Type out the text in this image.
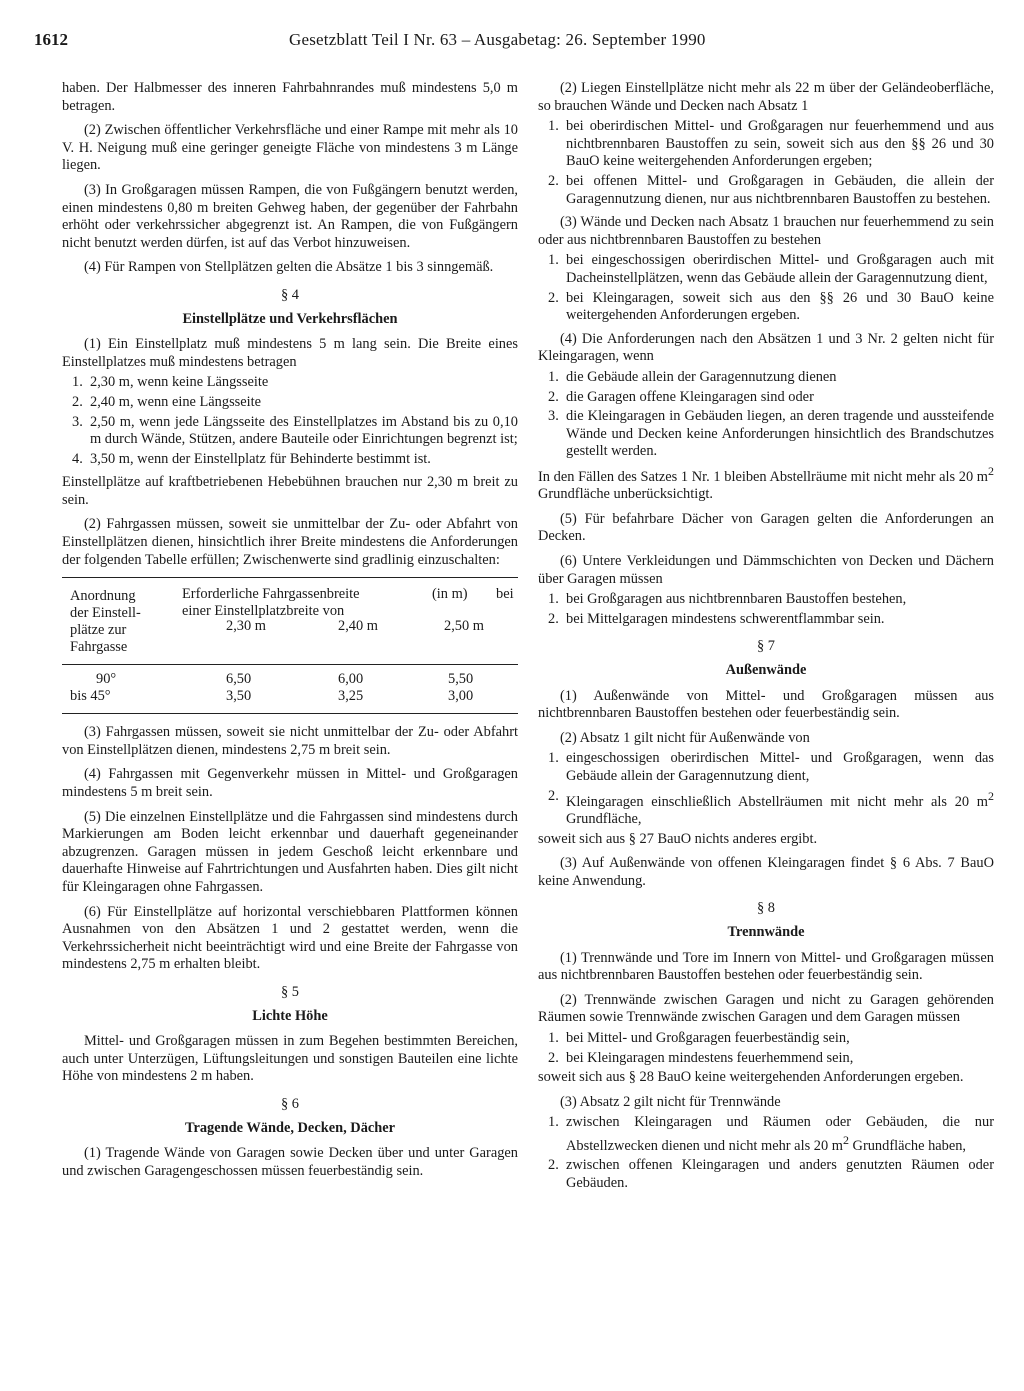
1612	Gesetzblatt Teil I Nr. 63 – Ausgabetag: 26. September 1990

haben. Der Halbmesser des inneren Fahrbahnrandes muß mindestens 5,0 m betragen.

(2) Zwischen öffentlicher Verkehrsfläche und einer Rampe mit mehr als 10 V. H. Neigung muß eine geringer geneigte Fläche von mindestens 3 m Länge liegen.

(3) In Großgaragen müssen Rampen, die von Fußgängern benutzt werden, einen mindestens 0,80 m breiten Gehweg haben, der gegenüber der Fahrbahn erhöht oder verkehrssicher abgegrenzt ist. An Rampen, die von Fußgängern nicht benutzt werden dürfen, ist auf das Verbot hinzuweisen.

(4) Für Rampen von Stellplätzen gelten die Absätze 1 bis 3 sinngemäß.

§ 4
Einstellplätze und Verkehrsflächen

(1) Ein Einstellplatz muß mindestens 5 m lang sein. Die Breite eines Einstellplatzes muß mindestens betragen

1. 2,30 m, wenn keine Längsseite
2. 2,40 m, wenn eine Längsseite
3. 2,50 m, wenn jede Längsseite des Einstellplatzes im Abstand bis zu 0,10 m durch Wände, Stützen, andere Bauteile oder Einrichtungen begrenzt ist;
4. 3,50 m, wenn der Einstellplatz für Behinderte bestimmt ist.

Einstellplätze auf kraftbetriebenen Hebebühnen brauchen nur 2,30 m breit zu sein.

(2) Fahrgassen müssen, soweit sie unmittelbar der Zu- oder Abfahrt von Einstellplätzen dienen, hinsichtlich ihrer Breite mindestens die Anforderungen der folgenden Tabelle erfüllen; Zwischenwerte sind gradlinig einzuschalten:

Anordnung
der Einstell-
plätze zur
Fahrgasse
Erforderliche Fahrgassenbreite	(in m) bei
einer Einstellplatzbreite von
2,30 m	2,40 m	2,50 m
90°	6,50	6,00	5,50
bis 45°	3,50	3,25	3,00

(3) Fahrgassen müssen, soweit sie nicht unmittelbar der Zu- oder Abfahrt von Einstellplätzen dienen, mindestens 2,75 m breit sein.

(4) Fahrgassen mit Gegenverkehr müssen in Mittel- und Großgaragen mindestens 5 m breit sein.

(5) Die einzelnen Einstellplätze und die Fahrgassen sind mindestens durch Markierungen am Boden leicht erkennbar und dauerhaft gegeneinander abzugrenzen. Garagen müssen in jedem Geschoß leicht erkennbare und dauerhafte Hinweise auf Fahrtrichtungen und Ausfahrten haben. Dies gilt nicht für Kleingaragen ohne Fahrgassen.

(6) Für Einstellplätze auf horizontal verschiebbaren Plattformen können Ausnahmen von den Absätzen 1 und 2 gestattet werden, wenn die Verkehrssicherheit nicht beeinträchtigt wird und eine Breite der Fahrgasse von mindestens 2,75 m erhalten bleibt.

§ 5
Lichte Höhe

Mittel- und Großgaragen müssen in zum Begehen bestimmten Bereichen, auch unter Unterzügen, Lüftungsleitungen und sonstigen Bauteilen eine lichte Höhe von mindestens 2 m haben.

§ 6
Tragende Wände, Decken, Dächer

(1) Tragende Wände von Garagen sowie Decken über und unter Garagen und zwischen Garagengeschossen müssen feuerbeständig sein.

(2) Liegen Einstellplätze nicht mehr als 22 m über der Geländeoberfläche, so brauchen Wände und Decken nach Absatz 1

1. bei oberirdischen Mittel- und Großgaragen nur feuerhemmend und aus nichtbrennbaren Baustoffen zu sein, soweit sich aus den §§ 26 und 30 BauO keine weitergehenden Anforderungen ergeben;
2. bei offenen Mittel- und Großgaragen in Gebäuden, die allein der Garagennutzung dienen, nur aus nichtbrennbaren Baustoffen zu bestehen.

(3) Wände und Decken nach Absatz 1 brauchen nur feuerhemmend zu sein oder aus nichtbrennbaren Baustoffen zu bestehen

1. bei eingeschossigen oberirdischen Mittel- und Großgaragen auch mit Dacheinstellplätzen, wenn das Gebäude allein der Garagennutzung dient,
2. bei Kleingaragen, soweit sich aus den §§ 26 und 30 BauO keine weitergehenden Anforderungen ergeben.

(4) Die Anforderungen nach den Absätzen 1 und 3 Nr. 2 gelten nicht für Kleingaragen, wenn

1. die Gebäude allein der Garagennutzung dienen
2. die Garagen offene Kleingaragen sind oder
3. die Kleingaragen in Gebäuden liegen, an deren tragende und aussteifende Wände und Decken keine Anforderungen hinsichtlich des Brandschutzes gestellt werden.

In den Fällen des Satzes 1 Nr. 1 bleiben Abstellräume mit nicht mehr als 20 $m^2$ Grundfläche unberücksichtigt.

(5) Für befahrbare Dächer von Garagen gelten die Anforderungen an Decken.

(6) Untere Verkleidungen und Dämmschichten von Decken und Dächern über Garagen müssen

1. bei Großgaragen aus nichtbrennbaren Baustoffen bestehen,
2. bei Mittelgaragen mindestens schwerentflammbar sein.
§ 7
Außenwände

(1) Außenwände von Mittel- und Großgaragen müssen aus nichtbrennbaren Baustoffen bestehen oder feuerbeständig sein.

(2) Absatz 1 gilt nicht für Außenwände von

1. eingeschossigen oberirdischen Mittel- und Großgaragen, wenn das Gebäude allein der Garagennutzung dient,
2. Kleingaragen einschließlich Abstellräumen mit nicht mehr als 20 $m^2$ Grundfläche,

soweit sich aus § 27 BauO nichts anderes ergibt.

(3) Auf Außenwände von offenen Kleingaragen findet § 6 Abs. 7 BauO keine Anwendung.

§ 8
Trennwände

(1) Trennwände und Tore im Innern von Mittel- und Großgaragen müssen aus nichtbrennbaren Baustoffen bestehen oder feuerbeständig sein.

(2) Trennwände zwischen Garagen und nicht zu Garagen gehörenden Räumen sowie Trennwände zwischen Garagen und dem Garagen müssen

1. bei Mittel- und Großgaragen feuerbeständig sein,
2. bei Kleingaragen mindestens feuerhemmend sein,

soweit sich aus § 28 BauO keine weitergehenden Anforderungen ergeben.

(3) Absatz 2 gilt nicht für Trennwände

1. zwischen Kleingaragen und Räumen oder Gebäuden, die nur Abstellzwecken dienen und nicht mehr als 20 $m^2$ Grundfläche haben,
2. zwischen offenen Kleingaragen und anders genutzten Räumen oder Gebäuden.
